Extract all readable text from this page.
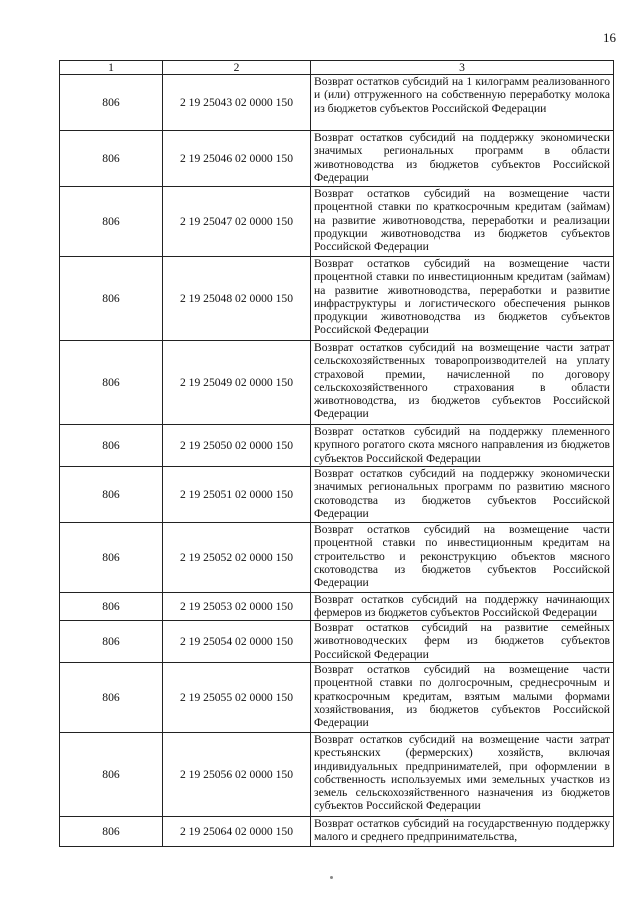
16
1	2	3
806	2 19 25043 02 0000 150	Возврат остатков субсидий на 1 килограмм реализованного и (или) отгруженного на собственную переработку молока из бюджетов субъектов Российской Федерации
806	2 19 25046 02 0000 150	Возврат остатков субсидий на поддержку экономически значимых региональных программ в области животноводства из бюджетов субъектов Российской Федерации
806	2 19 25047 02 0000 150	Возврат остатков субсидий на возмещение части процентной ставки по краткосрочным кредитам (займам) на развитие животноводства, переработки и реализации продукции животноводства из бюджетов субъектов Российской Федерации
806	2 19 25048 02 0000 150	Возврат остатков субсидий на возмещение части процентной ставки по инвестиционным кредитам (займам) на развитие животноводства, переработки и развитие инфраструктуры и логистического обеспечения рынков продукции животноводства из бюджетов субъектов Российской Федерации
806	2 19 25049 02 0000 150	Возврат остатков субсидий на возмещение части затрат сельскохозяйственных товаропроизводителей на уплату страховой премии, начисленной по договору сельскохозяйственного страхования в области животноводства, из бюджетов субъектов Российской Федерации
806	2 19 25050 02 0000 150	Возврат остатков субсидий на поддержку племенного крупного рогатого скота мясного направления из бюджетов субъектов Российской Федерации
806	2 19 25051 02 0000 150	Возврат остатков субсидий на поддержку экономически значимых региональных программ по развитию мясного скотоводства из бюджетов субъектов Российской Федерации
806	2 19 25052 02 0000 150	Возврат остатков субсидий на возмещение части процентной ставки по инвестиционным кредитам на строительство и реконструкцию объектов мясного скотоводства из бюджетов субъектов Российской Федерации
806	2 19 25053 02 0000 150	Возврат остатков субсидий на поддержку начинающих фермеров из бюджетов субъектов Российской Федерации
806	2 19 25054 02 0000 150	Возврат остатков субсидий на развитие семейных животноводческих ферм из бюджетов субъектов Российской Федерации
806	2 19 25055 02 0000 150	Возврат остатков субсидий на возмещение части процентной ставки по долгосрочным, среднесрочным и краткосрочным кредитам, взятым малыми формами хозяйствования, из бюджетов субъектов Российской Федерации
806	2 19 25056 02 0000 150	Возврат остатков субсидий на возмещение части затрат крестьянских (фермерских) хозяйств, включая индивидуальных предпринимателей, при оформлении в собственность используемых ими земельных участков из земель сельскохозяйственного назначения из бюджетов субъектов Российской Федерации
806	2 19 25064 02 0000 150	Возврат остатков субсидий на государственную поддержку малого и среднего предпринимательства,
